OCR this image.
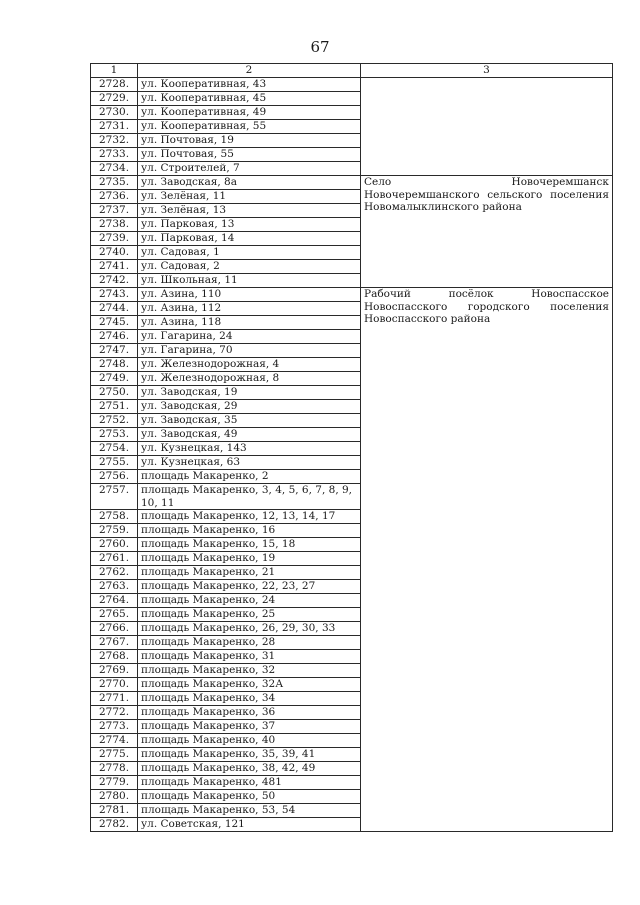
67
1	2	3
2728.	ул. Кооперативная, 43	
2729.	ул. Кооперативная, 45	
2730.	ул. Кооперативная, 49	
2731.	ул. Кооперативная, 55	
2732.	ул. Почтовая, 19	
2733.	ул. Почтовая, 55	
2734.	ул. Строителей, 7	
2735.	ул. Заводская, 8а	Село Новочеремшанск Новочеремшанского сельского поселения Новомалыклинского района
2736.	ул. Зелёная, 11	
2737.	ул. Зелёная, 13	
2738.	ул. Парковая, 13	
2739.	ул. Парковая, 14	
2740.	ул. Садовая, 1	
2741.	ул. Садовая, 2	
2742.	ул. Школьная, 11	
2743.	ул. Азина, 110	Рабочий посёлок Новоспасское Новоспасского городского поселения Новоспасского района
2744.	ул. Азина, 112	
2745.	ул. Азина, 118	
2746.	ул. Гагарина, 24	
2747.	ул. Гагарина, 70	
2748.	ул. Железнодорожная, 4	
2749.	ул. Железнодорожная, 8	
2750.	ул. Заводская, 19	
2751.	ул. Заводская, 29	
2752.	ул. Заводская, 35	
2753.	ул. Заводская, 49	
2754.	ул. Кузнецкая, 143	
2755.	ул. Кузнецкая, 63	
2756.	площадь Макаренко, 2	
2757.	площадь Макаренко, 3, 4, 5, 6, 7, 8, 9, 10, 11	
2758.	площадь Макаренко, 12, 13, 14, 17	
2759.	площадь Макаренко, 16	
2760.	площадь Макаренко, 15, 18	
2761.	площадь Макаренко, 19	
2762.	площадь Макаренко, 21	
2763.	площадь Макаренко, 22, 23, 27	
2764.	площадь Макаренко, 24	
2765.	площадь Макаренко, 25	
2766.	площадь Макаренко, 26, 29, 30, 33	
2767.	площадь Макаренко, 28	
2768.	площадь Макаренко, 31	
2769.	площадь Макаренко, 32	
2770.	площадь Макаренко, 32А	
2771.	площадь Макаренко, 34	
2772.	площадь Макаренко, 36	
2773.	площадь Макаренко, 37	
2774.	площадь Макаренко, 40	
2775.	площадь Макаренко, 35, 39, 41	
2778.	площадь Макаренко, 38, 42, 49	
2779.	площадь Макаренко, 481	
2780.	площадь Макаренко, 50	
2781.	площадь Макаренко, 53, 54	
2782.	ул. Советская, 121	
